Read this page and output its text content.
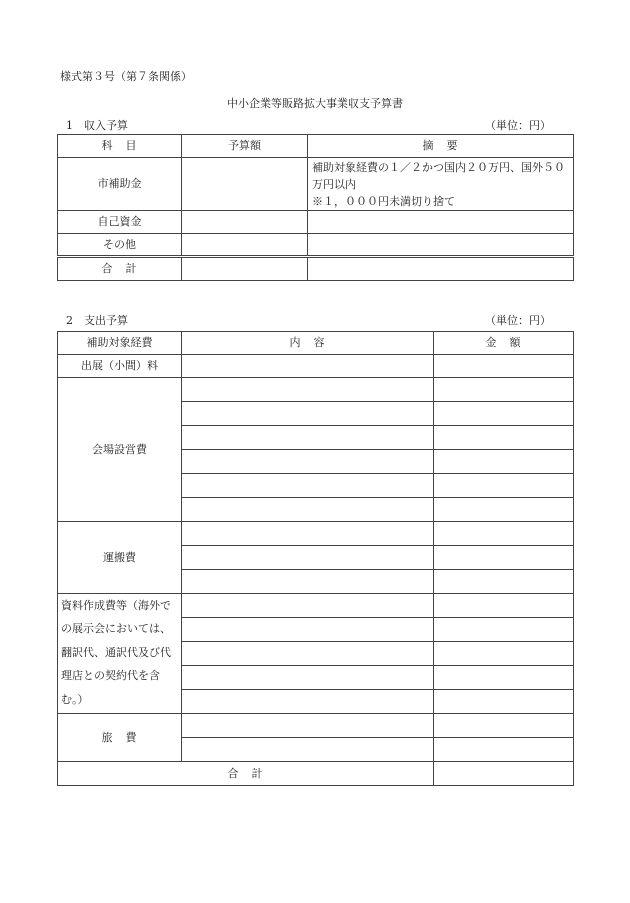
様式第３号（第７条関係）
中小企業等販路拡大事業収支予算書
1　収入予算	（単位：円）
科　目	予算額	摘　要
市補助金		補助対象経費の１／２かつ国内２０万円、国外５０万円以内
※１，０００円未満切り捨て
自己資金		
その他		
合　計		
2　支出予算	（単位：円）
補助対象経費	内　容	金　額
出展（小間）料		
会場設営費		

運搬費		

資料作成費等（海外での展示会においては、翻訳代、通訳代及び代理店との契約代を含む。）		

旅　費		

合　計		
